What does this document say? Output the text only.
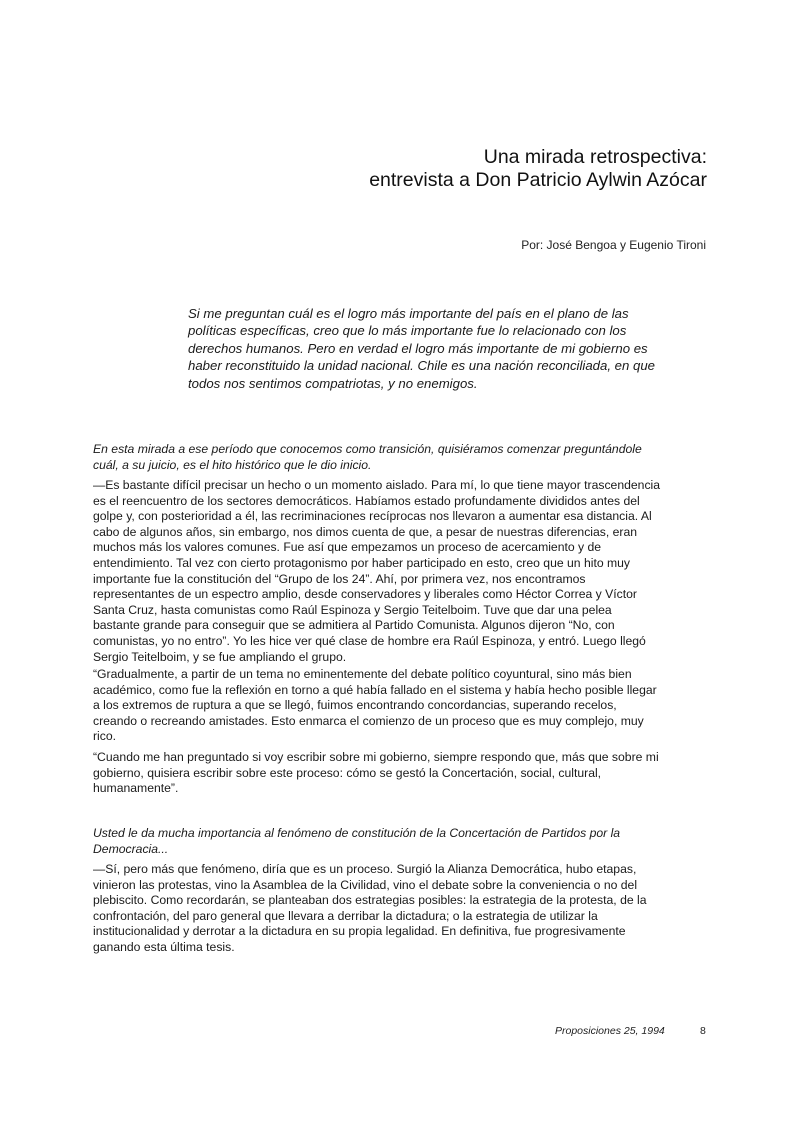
Una mirada retrospectiva:
entrevista a Don Patricio Aylwin Azócar
Por: José Bengoa y Eugenio Tironi
Si me preguntan cuál es el logro más importante del país en el plano de las
políticas específicas, creo que lo más importante fue lo relacionado con los
derechos humanos. Pero en verdad el logro más importante de mi gobierno es
haber reconstituido la unidad nacional. Chile es una nación reconciliada, en que
todos nos sentimos compatriotas, y no enemigos.

En esta mirada a ese período que conocemos como transición, quisiéramos comenzar preguntándole
cuál, a su juicio, es el hito histórico que le dio inicio.

—Es bastante difícil precisar un hecho o un momento aislado. Para mí, lo que tiene mayor trascendencia
es el reencuentro de los sectores democráticos. Habíamos estado profundamente divididos antes del
golpe y, con posterioridad a él, las recriminaciones recíprocas nos llevaron a aumentar esa distancia. Al
cabo de algunos años, sin embargo, nos dimos cuenta de que, a pesar de nuestras diferencias, eran
muchos más los valores comunes. Fue así que empezamos un proceso de acercamiento y de
entendimiento. Tal vez con cierto protagonismo por haber participado en esto, creo que un hito muy
importante fue la constitución del “Grupo de los 24”. Ahí, por primera vez, nos encontramos
representantes de un espectro amplio, desde conservadores y liberales como Héctor Correa y Víctor
Santa Cruz, hasta comunistas como Raúl Espinoza y Sergio Teitelboim. Tuve que dar una pelea
bastante grande para conseguir que se admitiera al Partido Comunista. Algunos dijeron “No, con
comunistas, yo no entro”. Yo les hice ver qué clase de hombre era Raúl Espinoza, y entró. Luego llegó
Sergio Teitelboim, y se fue ampliando el grupo.

“Gradualmente, a partir de un tema no eminentemente del debate político coyuntural, sino más bien
académico, como fue la reflexión en torno a qué había fallado en el sistema y había hecho posible llegar
a los extremos de ruptura a que se llegó, fuimos encontrando concordancias, superando recelos,
creando o recreando amistades. Esto enmarca el comienzo de un proceso que es muy complejo, muy
rico.

“Cuando me han preguntado si voy escribir sobre mi gobierno, siempre respondo que, más que sobre mi
gobierno, quisiera escribir sobre este proceso: cómo se gestó la Concertación, social, cultural,
humanamente”.

Usted le da mucha importancia al fenómeno de constitución de la Concertación de Partidos por la
Democracia...

—Sí, pero más que fenómeno, diría que es un proceso. Surgió la Alianza Democrática, hubo etapas,
vinieron las protestas, vino la Asamblea de la Civilidad, vino el debate sobre la conveniencia o no del
plebiscito. Como recordarán, se planteaban dos estrategias posibles: la estrategia de la protesta, de la
confrontación, del paro general que llevara a derribar la dictadura; o la estrategia de utilizar la
institucionalidad y derrotar a la dictadura en su propia legalidad. En definitiva, fue progresivamente
ganando esta última tesis.

Proposiciones 25, 1994	8
